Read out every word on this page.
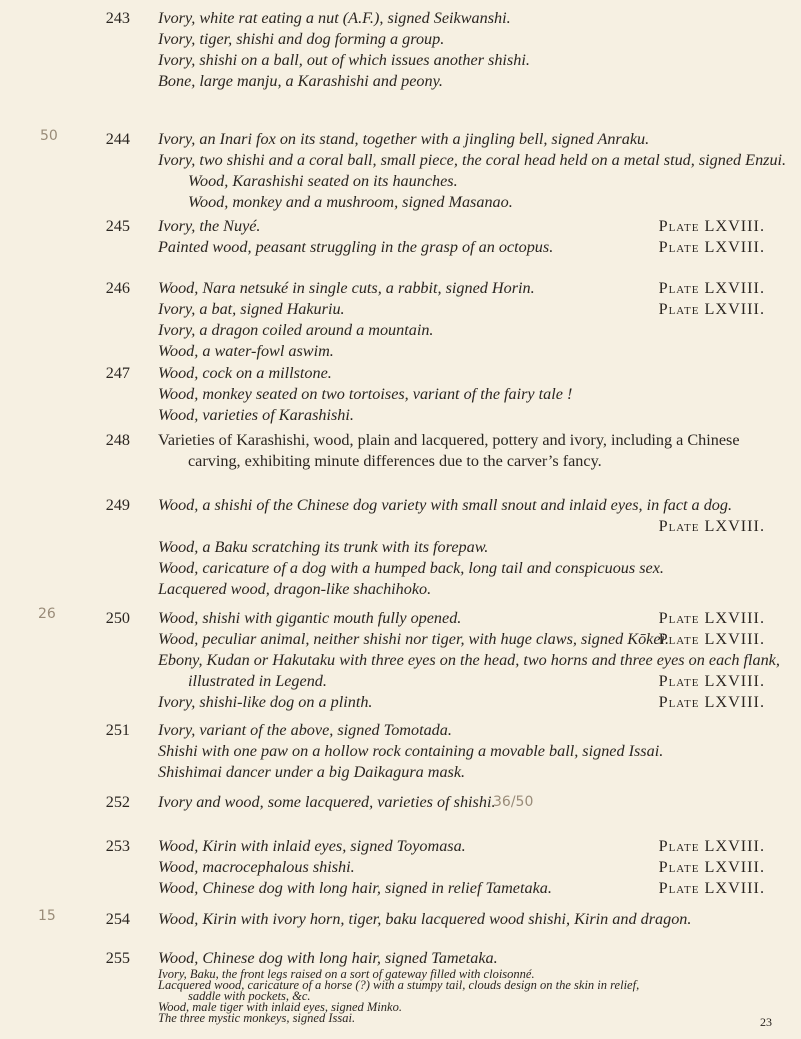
243 Ivory, white rat eating a nut (A.F.), signed Seikwanshi.
Ivory, tiger, shishi and dog forming a group.
Ivory, shishi on a ball, out of which issues another shishi.
Bone, large manju, a Karashishi and peony.
244 Ivory, an Inari fox on its stand, together with a jingling bell, signed Anraku.
Ivory, two shishi and a coral ball, small piece, the coral head held on a metal stud, signed Enzui.
Wood, Karashishi seated on its haunches.
Wood, monkey and a mushroom, signed Masanao.
245 Ivory, the Nuyé.
Painted wood, peasant struggling in the grasp of an octopus.
Plate LXVIII.
Plate LXVIII.
246 Wood, Nara netsuké in single cuts, a rabbit, signed Horin.
Ivory, a bat, signed Hakuriu.
Ivory, a dragon coiled around a mountain.
Wood, a water-fowl aswim.
Plate LXVIII.
Plate LXVIII.
247 Wood, cock on a millstone.
Wood, monkey seated on two tortoises, variant of the fairy tale !
Wood, varieties of Karashishi.
248 Varieties of Karashishi, wood, plain and lacquered, pottery and ivory, including a Chinese
carving, exhibiting minute differences due to the carver’s fancy.
249 Wood, a shishi of the Chinese dog variety with small snout and inlaid eyes, in fact a dog.
Plate LXVIII.
Wood, a Baku scratching its trunk with its forepaw.
Wood, caricature of a dog with a humped back, long tail and conspicuous sex.
Lacquered wood, dragon-like shachihoko.
250 Wood, shishi with gigantic mouth fully opened.
Wood, peculiar animal, neither shishi nor tiger, with huge claws, signed Kōkei.
Ebony, Kudan or Hakutaku with three eyes on the head, two horns and three eyes on each flank,
illustrated in Legend.
Ivory, shishi-like dog on a plinth.
Plate LXVIII.
Plate LXVIII.
Plate LXVIII.
Plate LXVIII.
251 Ivory, variant of the above, signed Tomotada.
Shishi with one paw on a hollow rock containing a movable ball, signed Issai.
Shishimai dancer under a big Daikagura mask.
252 Ivory and wood, some lacquered, varieties of shishi.
36/50
253 Wood, Kirin with inlaid eyes, signed Toyomasa.
Wood, macrocephalous shishi.
Wood, Chinese dog with long hair, signed in relief Tametaka.
Plate LXVIII.
Plate LXVIII.
Plate LXVIII.
254 Wood, Kirin with ivory horn, tiger, baku lacquered wood shishi, Kirin and dragon.
255 Wood, Chinese dog with long hair, signed Tametaka.
Ivory, Baku, the front legs raised on a sort of gateway filled with cloisonné.
Lacquered wood, caricature of a horse (?) with a stumpy tail, clouds design on the skin in relief,
saddle with pockets, &c.
Wood, male tiger with inlaid eyes, signed Minko.
The three mystic monkeys, signed Issai.
50
26
15
23
